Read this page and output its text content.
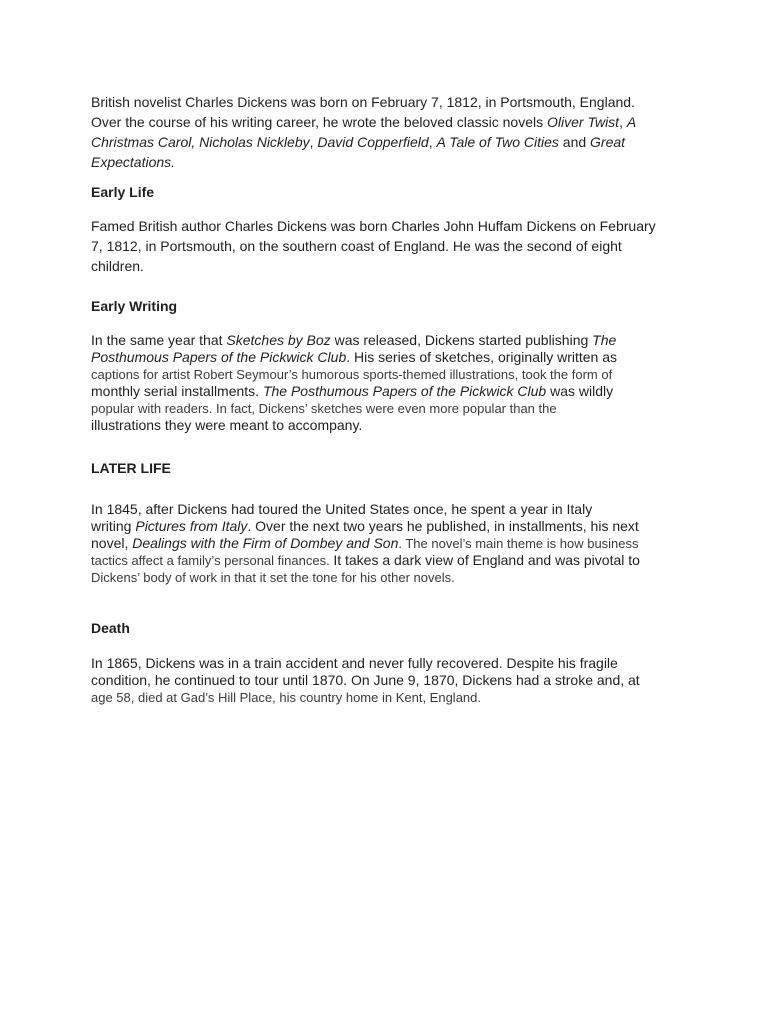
British novelist Charles Dickens was born on February 7, 1812, in Portsmouth, England.
Over the course of his writing career, he wrote the beloved classic novels Oliver Twist, A
Christmas Carol, Nicholas Nickleby, David Copperfield, A Tale of Two Cities and Great
Expectations.

Early Life

Famed British author Charles Dickens was born Charles John Huffam Dickens on February
7, 1812, in Portsmouth, on the southern coast of England. He was the second of eight
children.

Early Writing

In the same year that Sketches by Boz was released, Dickens started publishing The
Posthumous Papers of the Pickwick Club. His series of sketches, originally written as
captions for artist Robert Seymour’s humorous sports-themed illustrations, took the form of
monthly serial installments. The Posthumous Papers of the Pickwick Club was wildly
popular with readers. In fact, Dickens’ sketches were even more popular than the
illustrations they were meant to accompany.

LATER LIFE

In 1845, after Dickens had toured the United States once, he spent a year in Italy
writing Pictures from Italy. Over the next two years he published, in installments, his next
novel, Dealings with the Firm of Dombey and Son. The novel’s main theme is how business
tactics affect a family’s personal finances. It takes a dark view of England and was pivotal to
Dickens’ body of work in that it set the tone for his other novels.

Death

In 1865, Dickens was in a train accident and never fully recovered. Despite his fragile
condition, he continued to tour until 1870. On June 9, 1870, Dickens had a stroke and, at
age 58, died at Gad’s Hill Place, his country home in Kent, England.
